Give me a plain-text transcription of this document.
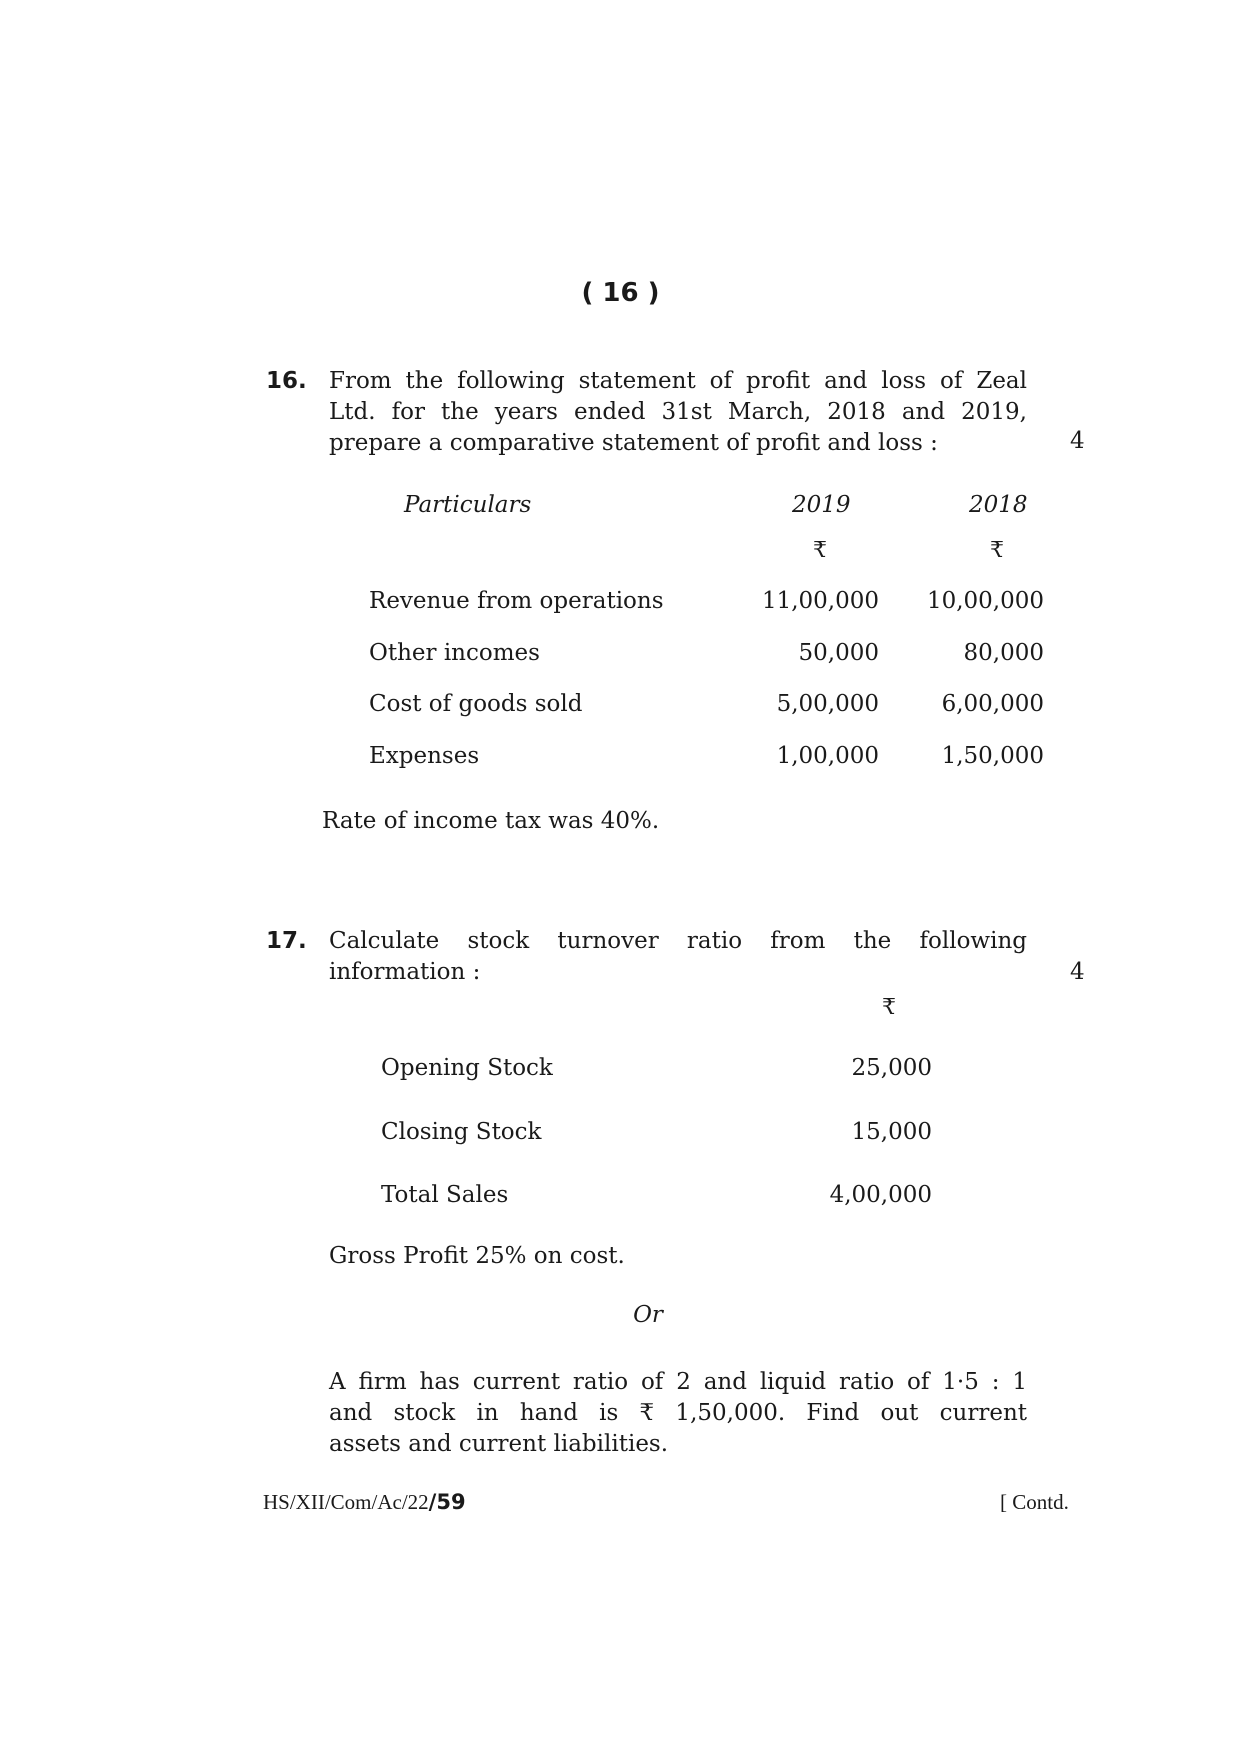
( 16 )
16. From the following statement of profit and loss of Zeal
Ltd. for the years ended 31st March, 2018 and 2019,
prepare a comparative statement of profit and loss :	4
Particulars	2019	2018
₹	₹
Revenue from operations	11,00,000	10,00,000
Other incomes	50,000	80,000
Cost of goods sold	5,00,000	6,00,000
Expenses	1,00,000	1,50,000
Rate of income tax was 40%.
17. Calculate stock turnover ratio from the following
information :	4
₹
Opening Stock	25,000
Closing Stock	15,000
Total Sales	4,00,000
Gross Profit 25% on cost.
Or
A firm has current ratio of 2 and liquid ratio of 1·5 : 1
and stock in hand is ₹ 1,50,000. Find out current
assets and current liabilities.
HS/XII/Com/Ac/22/59	[ Contd.
